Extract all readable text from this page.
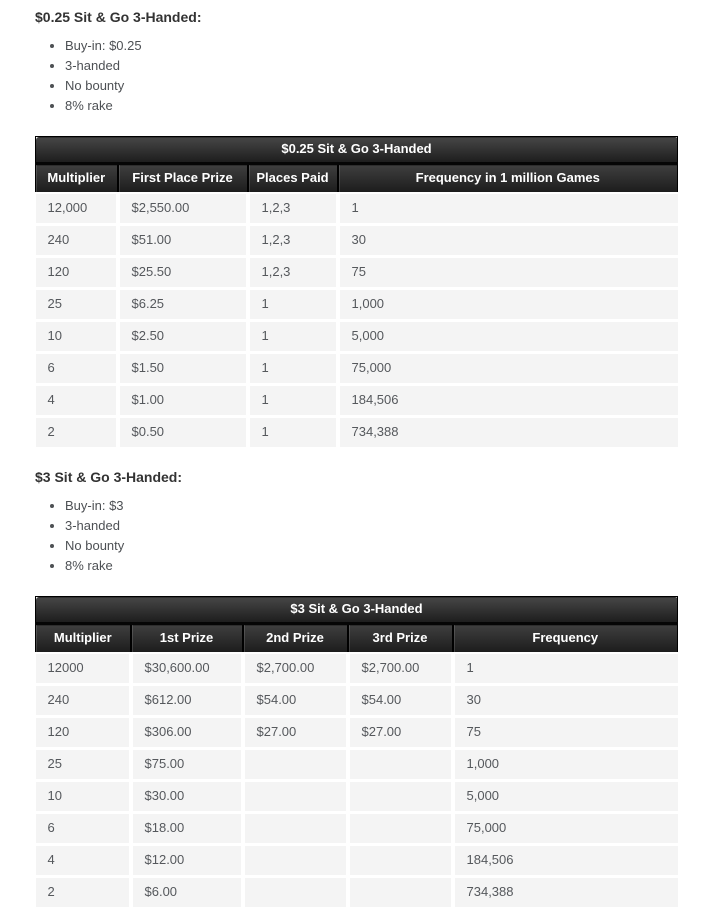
$0.25 Sit & Go 3-Handed:
• Buy-in: $0.25
• 3-handed
• No bounty
• 8% rake
$0.25 Sit & Go 3-Handed			
Multiplier	First Place Prize	Places Paid	Frequency in 1 million Games
12,000	$2,550.00	1,2,3	1
240	$51.00	1,2,3	30
120	$25.50	1,2,3	75
25	$6.25	1	1,000
10	$2.50	1	5,000
6	$1.50	1	75,000
4	$1.00	1	184,506
2	$0.50	1	734,388
$3 Sit & Go 3-Handed:
• Buy-in: $3
• 3-handed
• No bounty
• 8% rake
$3 Sit & Go 3-Handed				
Multiplier	1st Prize	2nd Prize	3rd Prize	Frequency
12000	$30,600.00	$2,700.00	$2,700.00	1
240	$612.00	$54.00	$54.00	30
120	$306.00	$27.00	$27.00	75
25	$75.00			1,000
10	$30.00			5,000
6	$18.00			75,000
4	$12.00			184,506
2	$6.00			734,388
